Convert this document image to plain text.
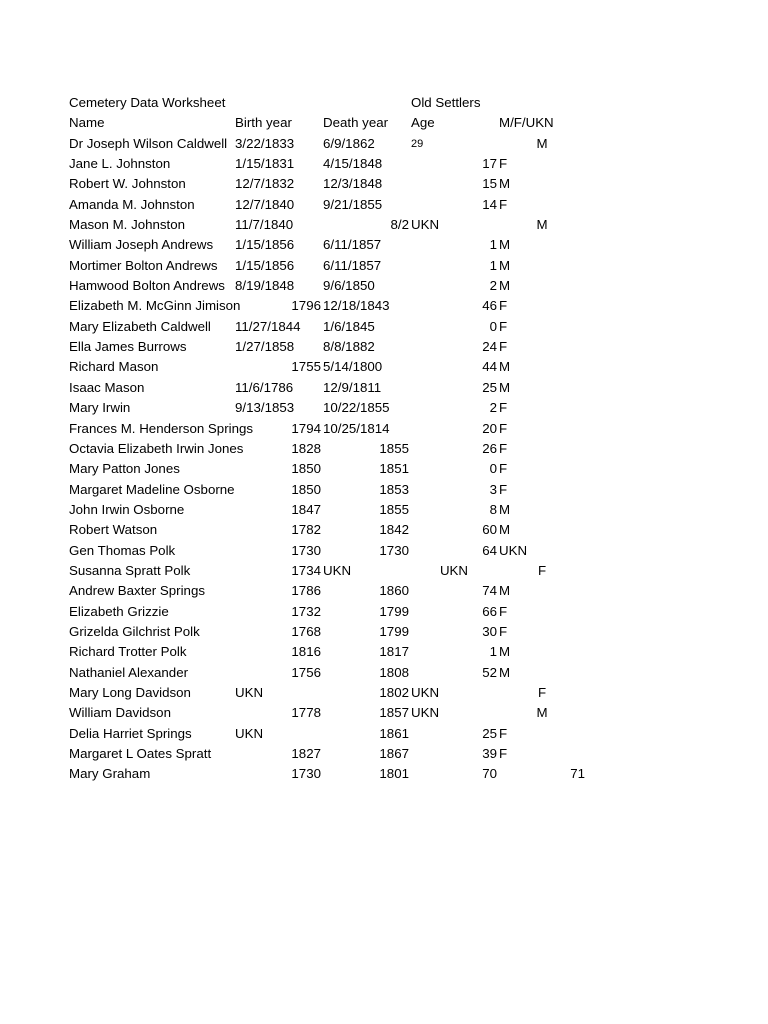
Cemetery Data Worksheet	Old Settlers
Name	Birth year	Death year	Age	M/F/UKN
Dr Joseph Wilson Caldwell 3/22/1833	6/9/1862	29	M
Jane L. Johnston	1/15/1831	4/15/1848	17 F
Robert W. Johnston	12/7/1832	12/3/1848	15 M
Amanda M. Johnston	12/7/1840	9/21/1855	14 F
Mason M. Johnston	11/7/1840	8/2 UKN	M
William Joseph Andrews	1/15/1856	6/11/1857	1 M
Mortimer Bolton Andrews	1/15/1856	6/11/1857	1 M
Hamwood Bolton Andrews 8/19/1848	9/6/1850	2 M
Elizabeth M. McGinn Jimison	1796 12/18/1843	46 F
Mary Elizabeth Caldwell	11/27/1844	1/6/1845	0 F
Ella James Burrows	1/27/1858	8/8/1882	24 F
Richard Mason	1755 5/14/1800	44 M
Isaac Mason	11/6/1786	12/9/1811	25 M
Mary Irwin	9/13/1853	10/22/1855	2 F
Frances M. Henderson Springs	1794 10/25/1814	20 F
Octavia Elizabeth Irwin Jones	1828	1855	26 F
Mary Patton Jones	1850	1851	0 F
Margaret Madeline Osborne	1850	1853	3 F
John Irwin Osborne	1847	1855	8 M
Robert Watson	1782	1842	60 M
Gen Thomas Polk	1730	1730	64 UKN
Susanna Spratt Polk	1734 UKN	UKN	F
Andrew Baxter Springs	1786	1860	74 M
Elizabeth Grizzie	1732	1799	66 F
Grizelda Gilchrist Polk	1768	1799	30 F
Richard Trotter Polk	1816	1817	1 M
Nathaniel Alexander	1756	1808	52 M
Mary Long Davidson	UKN	1802 UKN	F
William Davidson	1778	1857 UKN	M
Delia Harriet Springs	UKN	1861	25 F
Margaret L Oates Spratt	1827	1867	39 F
Mary Graham	1730	1801	70	71
